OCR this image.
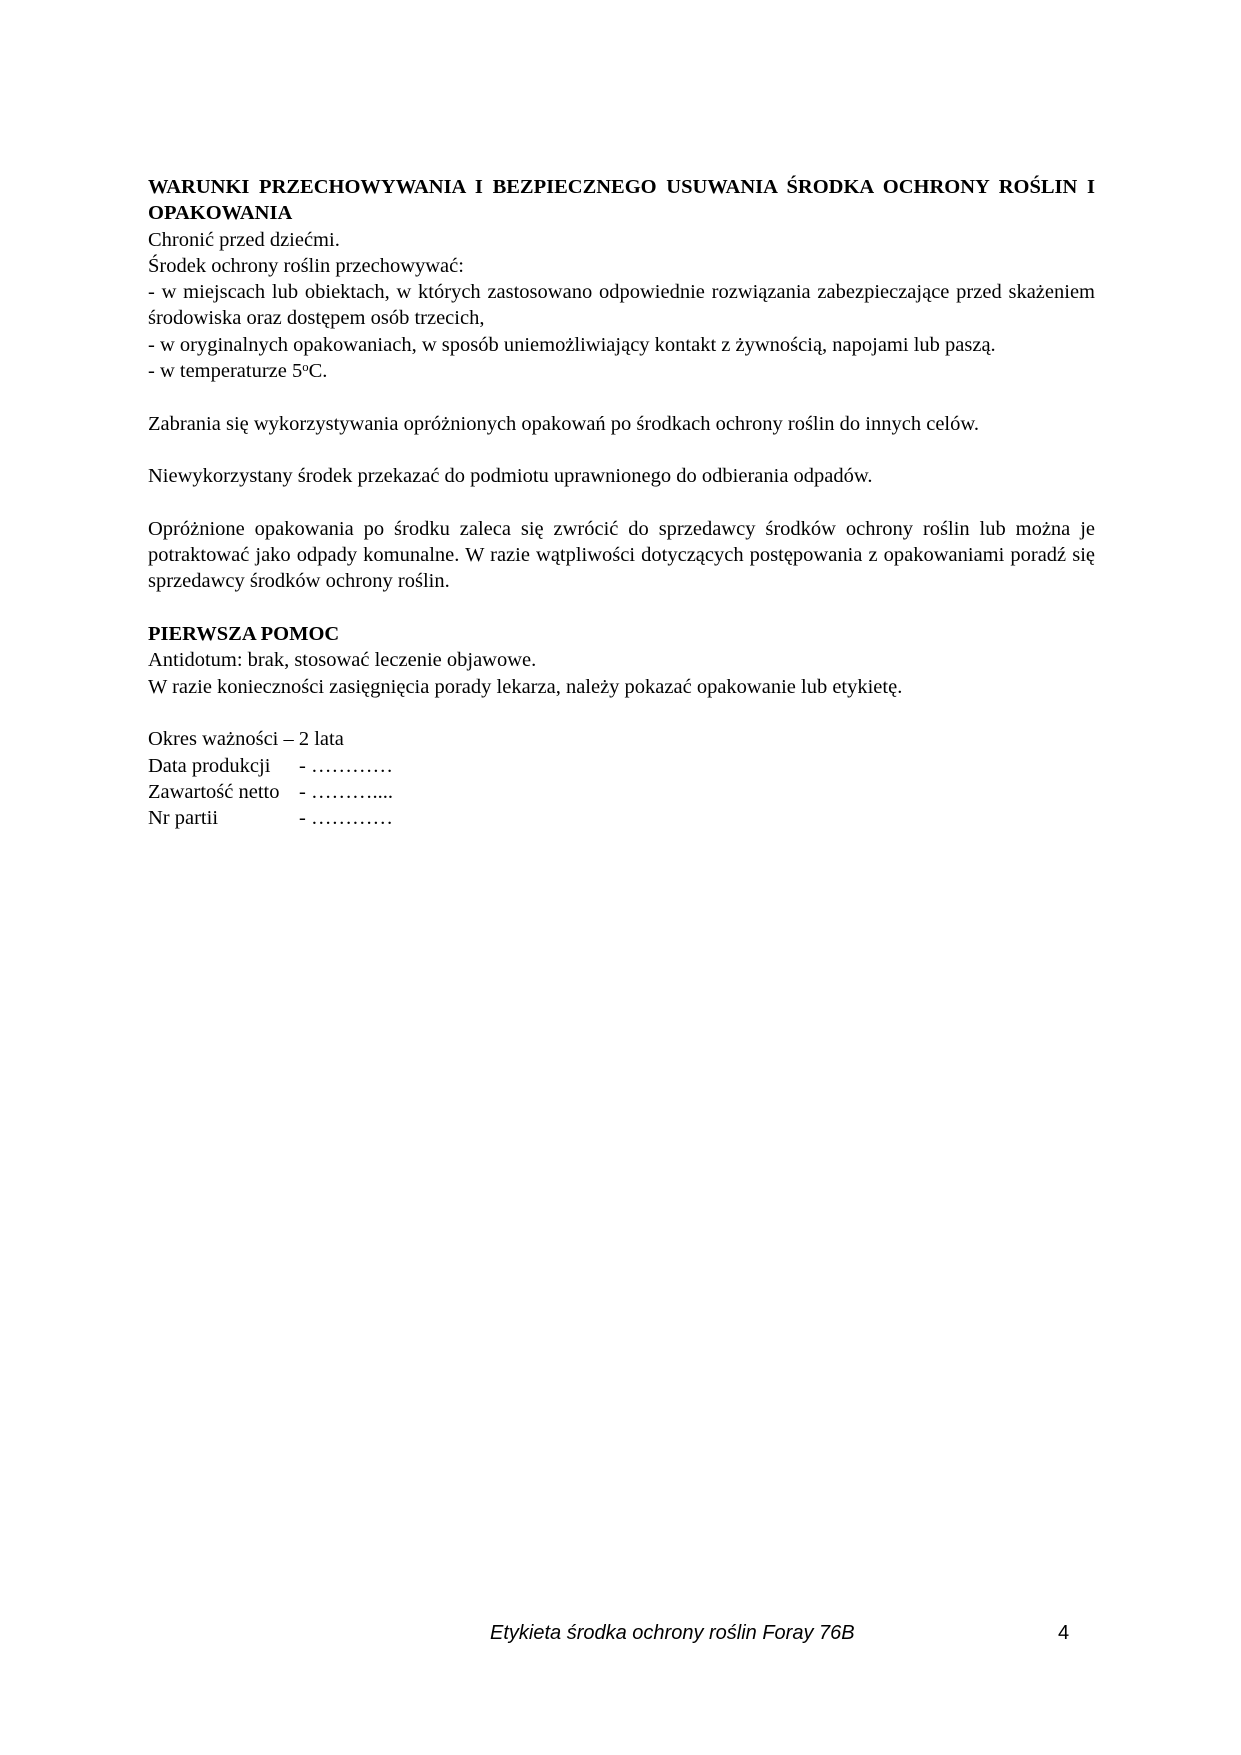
WARUNKI PRZECHOWYWANIA I BEZPIECZNEGO USUWANIA ŚRODKA OCHRONY ROŚLIN I OPAKOWANIA
Chronić przed dziećmi.
Środek ochrony roślin przechowywać:
- w miejscach lub obiektach, w których zastosowano odpowiednie rozwiązania zabezpieczające przed skażeniem środowiska oraz dostępem osób trzecich,
- w oryginalnych opakowaniach, w sposób uniemożliwiający kontakt z żywnością, napojami lub paszą.
- w temperaturze 5$^o$C.
Zabrania się wykorzystywania opróżnionych opakowań po środkach ochrony roślin do innych celów.
Niewykorzystany środek przekazać do podmiotu uprawnionego do odbierania odpadów.
Opróżnione opakowania po środku zaleca się zwrócić do sprzedawcy środków ochrony roślin lub można je potraktować jako odpady komunalne. W razie wątpliwości dotyczących postępowania z opakowaniami poradź się sprzedawcy środków ochrony roślin.
PIERWSZA POMOC
Antidotum: brak, stosować leczenie objawowe.
W razie konieczności zasięgnięcia porady lekarza, należy pokazać opakowanie lub etykietę.
Okres ważności – 2 lata
Data produkcji	- …………
Zawartość netto - ………....
Nr partii	- …………
Etykieta środka ochrony roślin Foray 76B	4
